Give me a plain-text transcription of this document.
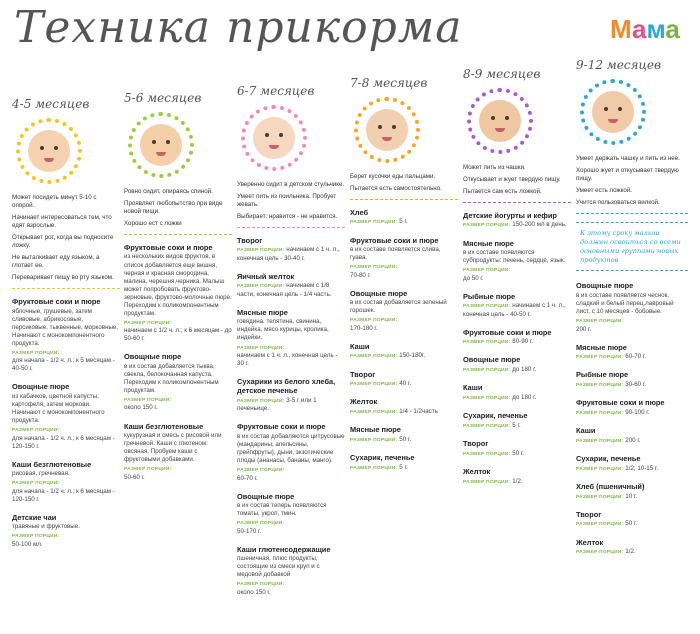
Техника прикорма	Мама
4-5 месяцев

Может посидеть минут 5-10 с опорой.

Начинает интересоваться тем, что едят взрослые.

Открывает рот, когда вы подносите ложку.

Не выталкивает еду языком, а глотает ее.

Переваривает пищу во рту языком.

Фруктовые соки и пюре
яблочные, грушевые, затем сливовые, абрикосовые, персиковые, тыквенные, морковные. Начинают с монокомпонентного продукта.
РАЗМЕР ПОРЦИИ:
для начала - 1/2 ч. л.; к 5 месяцам - 40-50 г.
Овощные пюре
из кабачков, цветной капусты, картофеля, затем моркови. Начинают с монокомпонентного продукта.
РАЗМЕР ПОРЦИИ:
для начала - 1/2 ч. л.; к 6 месяцам - 120-150 г.
Каши безглютеновые
рисовая, гречневая.
РАЗМЕР ПОРЦИИ:
для начала - 1/2 ч. л.; к 6 месяцам - 120-150 г.
Детские чаи
травяные и фруктовые.
РАЗМЕР ПОРЦИИ:
50-100 мл.
5-6 месяцев

Ровно сидит, опираясь спиной.

Проявляет любопытство при виде новой пищи.

Хорошо ест с ложки

Фруктовые соки и пюре
из нескольких видов фруктов, в список добавляется еще вишня, черная и красная смородина, малина, черешня,черника. Малыш может попробовать фруктово-зерновые, фруктово-молочные пюре. Переходим к поликомпонентным продуктам.
РАЗМЕР ПОРЦИИ:
начинаем с 1/2 ч. л.; к 6 месяцам - до 50-60 г.
Овощные пюре
в их состав добавляется тыква, свекла, белокочанная капуста. Переходим к поликомпонентным продуктам.
РАЗМЕР ПОРЦИИ:
около 150 г.
Каши безглютеновые
кукурузная и смесь с рисовой или гречневой. Каши с глютеном: овсяная. Пробуем каши с фруктовыми добавками.
РАЗМЕР ПОРЦИИ:
50-60 г.
6-7 месяцев

Уверенно сидит в детском стульчике.

Умеет пить из поильника. Пробует жевать.

Выбирает: нравится - не нравится.

Творог
РАЗМЕР ПОРЦИИ: начинаем с 1 ч. л., конечная цель - 30-40 г.
Яичный желток
РАЗМЕР ПОРЦИИ: начинаем с 1/8 части, конечная цель - 1/4 часть.
Мясные пюре
говядина, телятина, свинина, индейка, мясо курицы, кролика, индейки.
РАЗМЕР ПОРЦИИ:
начинаем с 1 ч. л., конечная цель - 30 г.
Сухарики из белого хлеба, детское печенье
РАЗМЕР ПОРЦИИ: 3-5 г или 1 печеньице.
Фруктовые соки и пюре
в их состав добавляются цитрусовые (мандарины, апельсины, грейпфруты), дыни, экзотические плоды (ананасы, бананы, манго).
РАЗМЕР ПОРЦИИ:
60-70 г.
Овощные пюре
в их состав теперь появляются томаты, укроп, тмин.
РАЗМЕР ПОРЦИИ:
50-170 г.
Каши глютенсодержащие
пшеничная, плюс продукты, состоящие из смеси круп и с медовой добавкой
РАЗМЕР ПОРЦИИ:
около 150 г.
7-8 месяцев

Берет кусочки еды пальцами.

Пытается есть самостоятельно.

Хлеб
РАЗМЕР ПОРЦИИ: 5 г.
Фруктовые соки и пюре
в их составе появляется слива, гуава.
РАЗМЕР ПОРЦИИ:
70-80 г.
Овощные пюре
в их состав добавляется зеленый горошек.
РАЗМЕР ПОРЦИИ:
170-180 г.
Каши
РАЗМЕР ПОРЦИИ: 150-180г.
Творог
РАЗМЕР ПОРЦИИ: 40 г.
Желток
РАЗМЕР ПОРЦИИ: 1/4 - 1/2часть
Мясные пюре
РАЗМЕР ПОРЦИИ: 50 г.
Сухарик, печенье
РАЗМЕР ПОРЦИИ: 5 г.
8-9 месяцев

Может пить из чашки.

Откусывает и жует твердую пищу.

Пытается сам есть ложкой.

Детские йогурты и кефир
РАЗМЕР ПОРЦИИ: 150-200 мл в день.
Мясные пюре
в их составе появляются субпродукты: печень, сердце, язык.
РАЗМЕР ПОРЦИИ:
до 50 г.
Рыбные пюре
РАЗМЕР ПОРЦИИ: начинаем с 1 ч. л., конечная цель - 40-50 г.
Фруктовые соки и пюре
РАЗМЕР ПОРЦИИ: 80-90 г.
Овощные пюре
РАЗМЕР ПОРЦИИ: до 180 г.
Каши
РАЗМЕР ПОРЦИИ: до 180 г.
Сухарик, печенье
РАЗМЕР ПОРЦИИ: 5 г.
Творог
РАЗМЕР ПОРЦИИ: 50 г.
Желток
РАЗМЕР ПОРЦИИ: 1/2.
9-12 месяцев

Умеет держать чашку и пить из нее.

Хорошо жует и откусывает твердую пищу.

Умеет есть ложкой.

Учится пользоваться вилкой.

К этому сроку малыш должен освоиться со всеми основными группами новых продуктов
Овощные пюре
в их составе появляется чеснок, сладкий и белый перец,лавровый лист, с 10 месяцев - бобовые.
РАЗМЕР ПОРЦИИ:
200 г.
Мясные пюре
РАЗМЕР ПОРЦИИ: 60-70 г.
Рыбные пюре
РАЗМЕР ПОРЦИИ: 30-60 г.
Фруктовые соки и пюре
РАЗМЕР ПОРЦИИ: 90-100 г.
Каши
РАЗМЕР ПОРЦИИ: 200 г.
Сухарик, печенье
РАЗМЕР ПОРЦИИ: 1/2; 10-15 г.
Хлеб (пшеничный)
РАЗМЕР ПОРЦИИ: 10 г.
Творог
РАЗМЕР ПОРЦИИ: 50 г.
Желток
РАЗМЕР ПОРЦИИ: 1/2.
